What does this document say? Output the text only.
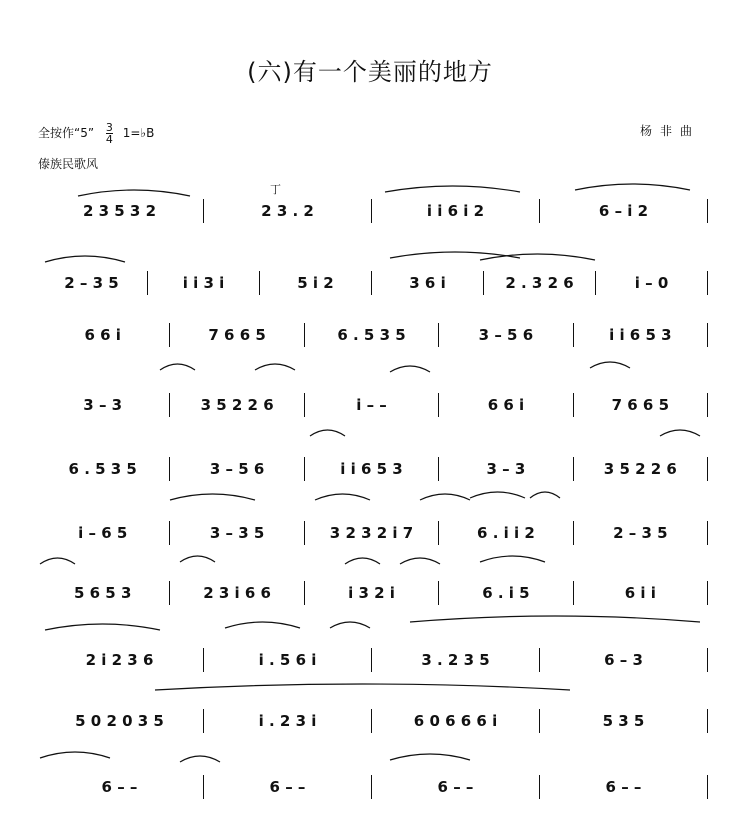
(六)有一个美丽的地方
全按作“5” $\frac{3}{4}$ 1=♭B	杨非曲
傣族民歌风
丁
2 3 5 3 2	2 3 . 2	i i 6 i 2	6 – i 2
2 – 3 5	i i 3 i	5 i 2	3 6 i	2 . 3 2 6	i – 0
6 6 i	7 6 6 5	6 . 5 3 5	3 – 5 6	i i 6 5 3
3 – 3	3 5 2 2 6	i – –	6 6 i	7 6 6 5
6 . 5 3 5	3 – 5 6	i i 6 5 3	3 – 3	3 5 2 2 6
i – 6 5	3 – 3 5	3 2 3 2 i 7	6 . i i 2	2 – 3 5
5 6 5 3	2 3 i 6 6	i 3 2 i	6 . i 5	6 i i
2 i 2 3 6	i . 5 6 i	3 . 2 3 5	6 – 3
5 0 2 0 3 5	i . 2 3 i	6 0 6 6 6 i	5 3 5
6 – –	6 – –	6 – –	6 – –
